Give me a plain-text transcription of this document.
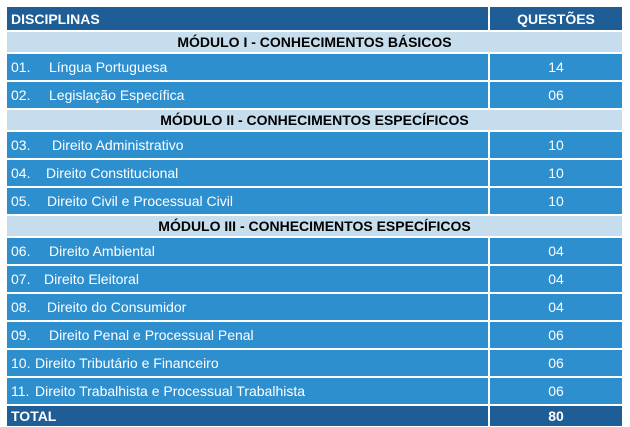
DISCIPLINAS	QUESTÕES
MÓDULO I - CONHECIMENTOS BÁSICOS
01.	Língua Portuguesa	14
02.	Legislação Específica	06
MÓDULO II - CONHECIMENTOS ESPECÍFICOS
03.	Direito Administrativo	10
04.	Direito Constitucional	10
05.	Direito Civil e Processual Civil	10
MÓDULO III - CONHECIMENTOS ESPECÍFICOS
06.	Direito Ambiental	04
07. Direito Eleitoral	04
08.	Direito do Consumidor	04
09.	Direito Penal e Processual Penal	06
10. Direito Tributário e Financeiro	06
11. Direito Trabalhista e Processual Trabalhista	06
TOTAL	80
